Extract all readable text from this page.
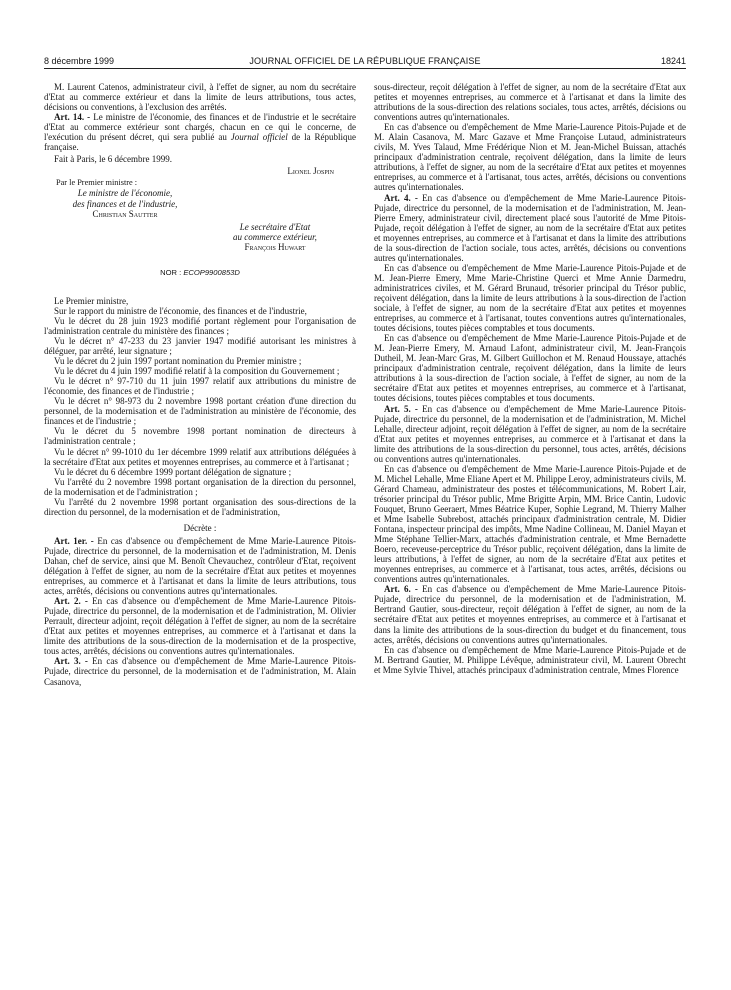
8 décembre 1999	JOURNAL OFFICIEL DE LA RÉPUBLIQUE FRANÇAISE	18241

M. Laurent Catenos, administrateur civil, à l'effet de signer, au nom du secrétaire d'Etat au commerce extérieur et dans la limite de leurs attributions, tous actes, décisions ou conventions, à l'exclusion des arrêtés.

Art. 14. - Le ministre de l'économie, des finances et de l'industrie et le secrétaire d'Etat au commerce extérieur sont chargés, chacun en ce qui le concerne, de l'exécution du présent décret, qui sera publié au Journal officiel de la République française.

Fait à Paris, le 6 décembre 1999.

Lionel Jospin

Par le Premier ministre :

Le ministre de l'économie,
des finances et de l'industrie,
Christian Sautter

Le secrétaire d'Etat
au commerce extérieur,
François Huwart

NOR : ECOP9900853D

Le Premier ministre,

Sur le rapport du ministre de l'économie, des finances et de l'industrie,

Vu le décret du 28 juin 1923 modifié portant règlement pour l'organisation de l'administration centrale du ministère des finances ;

Vu le décret n° 47-233 du 23 janvier 1947 modifié autorisant les ministres à déléguer, par arrêté, leur signature ;

Vu le décret du 2 juin 1997 portant nomination du Premier ministre ;

Vu le décret du 4 juin 1997 modifié relatif à la composition du Gouvernement ;

Vu le décret n° 97-710 du 11 juin 1997 relatif aux attributions du ministre de l'économie, des finances et de l'industrie ;

Vu le décret n° 98-973 du 2 novembre 1998 portant création d'une direction du personnel, de la modernisation et de l'administration au ministère de l'économie, des finances et de l'industrie ;

Vu le décret du 5 novembre 1998 portant nomination de directeurs à l'administration centrale ;

Vu le décret n° 99-1010 du 1er décembre 1999 relatif aux attributions déléguées à la secrétaire d'Etat aux petites et moyennes entreprises, au commerce et à l'artisanat ;

Vu le décret du 6 décembre 1999 portant délégation de signature ;

Vu l'arrêté du 2 novembre 1998 portant organisation de la direction du personnel, de la modernisation et de l'administration ;

Vu l'arrêté du 2 novembre 1998 portant organisation des sous-directions de la direction du personnel, de la modernisation et de l'administration,

Décrète :

Art. 1er. - En cas d'absence ou d'empêchement de Mme Marie-Laurence Pitois-Pujade, directrice du personnel, de la modernisation et de l'administration, M. Denis Dahan, chef de service, ainsi que M. Benoît Chevauchez, contrôleur d'Etat, reçoivent délégation à l'effet de signer, au nom de la secrétaire d'Etat aux petites et moyennes entreprises, au commerce et à l'artisanat et dans la limite de leurs attributions, tous actes, arrêtés, décisions ou conventions autres qu'internationales.

Art. 2. - En cas d'absence ou d'empêchement de Mme Marie-Laurence Pitois-Pujade, directrice du personnel, de la modernisation et de l'administration, M. Olivier Perrault, directeur adjoint, reçoit délégation à l'effet de signer, au nom de la secrétaire d'Etat aux petites et moyennes entreprises, au commerce et à l'artisanat et dans la limite des attributions de la sous-direction de la modernisation et de la prospective, tous actes, arrêtés, décisions ou conventions autres qu'internationales.

Art. 3. - En cas d'absence ou d'empêchement de Mme Marie-Laurence Pitois-Pujade, directrice du personnel, de la modernisation et de l'administration, M. Alain Casanova,

sous-directeur, reçoit délégation à l'effet de signer, au nom de la secrétaire d'Etat aux petites et moyennes entreprises, au commerce et à l'artisanat et dans la limite des attributions de la sous-direction des relations sociales, tous actes, arrêtés, décisions ou conventions autres qu'internationales.

En cas d'absence ou d'empêchement de Mme Marie-Laurence Pitois-Pujade et de M. Alain Casanova, M. Marc Gazave et Mme Françoise Lutaud, administrateurs civils, M. Yves Talaud, Mme Frédérique Nion et M. Jean-Michel Buissan, attachés principaux d'administration centrale, reçoivent délégation, dans la limite de leurs attributions, à l'effet de signer, au nom de la secrétaire d'Etat aux petites et moyennes entreprises, au commerce et à l'artisanat, tous actes, arrêtés, décisions ou conventions autres qu'internationales.

Art. 4. - En cas d'absence ou d'empêchement de Mme Marie-Laurence Pitois-Pujade, directrice du personnel, de la modernisation et de l'administration, M. Jean-Pierre Emery, administrateur civil, directement placé sous l'autorité de Mme Pitois-Pujade, reçoit délégation à l'effet de signer, au nom de la secrétaire d'Etat aux petites et moyennes entreprises, au commerce et à l'artisanat et dans la limite des attributions de la sous-direction de l'action sociale, tous actes, arrêtés, décisions ou conventions autres qu'internationales.

En cas d'absence ou d'empêchement de Mme Marie-Laurence Pitois-Pujade et de M. Jean-Pierre Emery, Mme Marie-Christine Querci et Mme Annie Darmedru, administratrices civiles, et M. Gérard Brunaud, trésorier principal du Trésor public, reçoivent délégation, dans la limite de leurs attributions à la sous-direction de l'action sociale, à l'effet de signer, au nom de la secrétaire d'Etat aux petites et moyennes entreprises, au commerce et à l'artisanat, toutes conventions autres qu'internationales, toutes décisions, toutes pièces comptables et tous documents.

En cas d'absence ou d'empêchement de Mme Marie-Laurence Pitois-Pujade et de M. Jean-Pierre Emery, M. Arnaud Lafont, administrateur civil, M. Jean-François Dutheil, M. Jean-Marc Gras, M. Gilbert Guillochon et M. Renaud Houssaye, attachés principaux d'administration centrale, reçoivent délégation, dans la limite de leurs attributions à la sous-direction de l'action sociale, à l'effet de signer, au nom de la secrétaire d'Etat aux petites et moyennes entreprises, au commerce et à l'artisanat, toutes décisions, toutes pièces comptables et tous documents.

Art. 5. - En cas d'absence ou d'empêchement de Mme Marie-Laurence Pitois-Pujade, directrice du personnel, de la modernisation et de l'administration, M. Michel Lehalle, directeur adjoint, reçoit délégation à l'effet de signer, au nom de la secrétaire d'Etat aux petites et moyennes entreprises, au commerce et à l'artisanat et dans la limite des attributions de la sous-direction du personnel, tous actes, arrêtés, décisions ou conventions autres qu'internationales.

En cas d'absence ou d'empêchement de Mme Marie-Laurence Pitois-Pujade et de M. Michel Lehalle, Mme Eliane Apert et M. Philippe Leroy, administrateurs civils, M. Gérard Chameau, administrateur des postes et télécommunications, M. Robert Lair, trésorier principal du Trésor public, Mme Brigitte Arpin, MM. Brice Cantin, Ludovic Fouquet, Bruno Geeraert, Mmes Béatrice Kuper, Sophie Legrand, M. Thierry Malher et Mme Isabelle Subrebost, attachés principaux d'administration centrale, M. Didier Fontana, inspecteur principal des impôts, Mme Nadine Collineau, M. Daniel Mayan et Mme Stéphane Tellier-Marx, attachés d'administration centrale, et Mme Bernadette Boero, receveuse-perceptrice du Trésor public, reçoivent délégation, dans la limite de leurs attributions, à l'effet de signer, au nom de la secrétaire d'Etat aux petites et moyennes entreprises, au commerce et à l'artisanat, tous actes, arrêtés, décisions ou conventions autres qu'internationales.

Art. 6. - En cas d'absence ou d'empêchement de Mme Marie-Laurence Pitois-Pujade, directrice du personnel, de la modernisation et de l'administration, M. Bertrand Gautier, sous-directeur, reçoit délégation à l'effet de signer, au nom de la secrétaire d'Etat aux petites et moyennes entreprises, au commerce et à l'artisanat et dans la limite des attributions de la sous-direction du budget et du financement, tous actes, arrêtés, décisions ou conventions autres qu'internationales.

En cas d'absence ou d'empêchement de Mme Marie-Laurence Pitois-Pujade et de M. Bertrand Gautier, M. Philippe Lévêque, administrateur civil, M. Laurent Obrecht et Mme Sylvie Thivel, attachés principaux d'administration centrale, Mmes Florence
